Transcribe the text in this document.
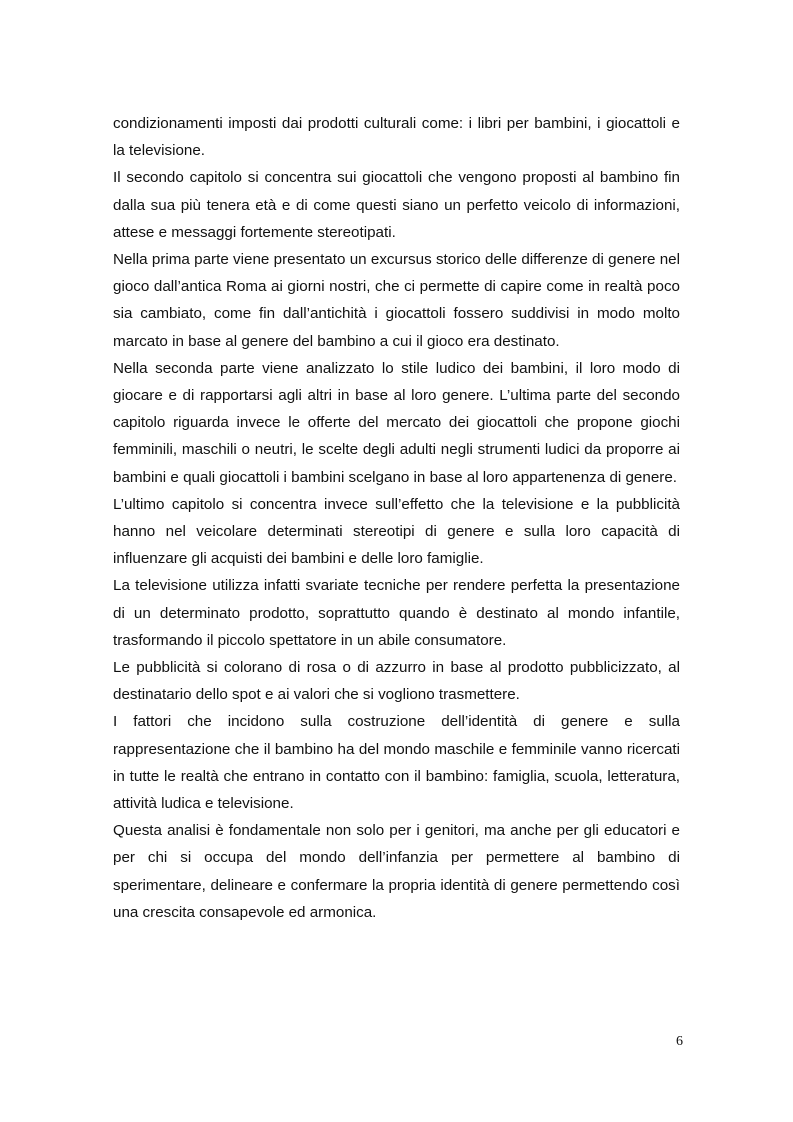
condizionamenti imposti dai prodotti culturali come: i libri per bambini, i giocattoli e la televisione.

Il secondo capitolo si concentra sui giocattoli che vengono proposti al bambino fin dalla sua più tenera età e di come questi siano un perfetto veicolo di informazioni, attese e messaggi fortemente stereotipati.

Nella prima parte viene presentato un excursus storico delle differenze di genere nel gioco dall’antica Roma ai giorni nostri, che ci permette di capire come in realtà poco sia cambiato, come fin dall’antichità i giocattoli fossero suddivisi in modo molto marcato in base al genere del bambino a cui il gioco era destinato.

Nella seconda parte viene analizzato lo stile ludico dei bambini, il loro modo di giocare e di rapportarsi agli altri in base al loro genere. L’ultima parte del secondo capitolo riguarda invece le offerte del mercato dei giocattoli che propone giochi femminili, maschili o neutri, le scelte degli adulti negli strumenti ludici da proporre ai bambini e quali giocattoli i bambini scelgano in base al loro appartenenza di genere.

L’ultimo capitolo si concentra invece sull’effetto che la televisione e la pubblicità hanno nel veicolare determinati stereotipi di genere e sulla loro capacità di influenzare gli acquisti dei bambini e delle loro famiglie.

La televisione utilizza infatti svariate tecniche per rendere perfetta la presentazione di un determinato prodotto, soprattutto quando è destinato al mondo infantile, trasformando il piccolo spettatore in un abile consumatore.

Le pubblicità si colorano di rosa o di azzurro in base al prodotto pubblicizzato, al destinatario dello spot e ai valori che si vogliono trasmettere.

I fattori che incidono sulla costruzione dell’identità di genere e sulla rappresentazione che il bambino ha del mondo maschile e femminile vanno ricercati in tutte le realtà che entrano in contatto con il bambino: famiglia, scuola, letteratura, attività ludica e televisione.

Questa analisi è fondamentale non solo per i genitori, ma anche per gli educatori e per chi si occupa del mondo dell’infanzia per permettere al bambino di sperimentare, delineare e confermare la propria identità di genere permettendo così una crescita consapevole ed armonica.

6
